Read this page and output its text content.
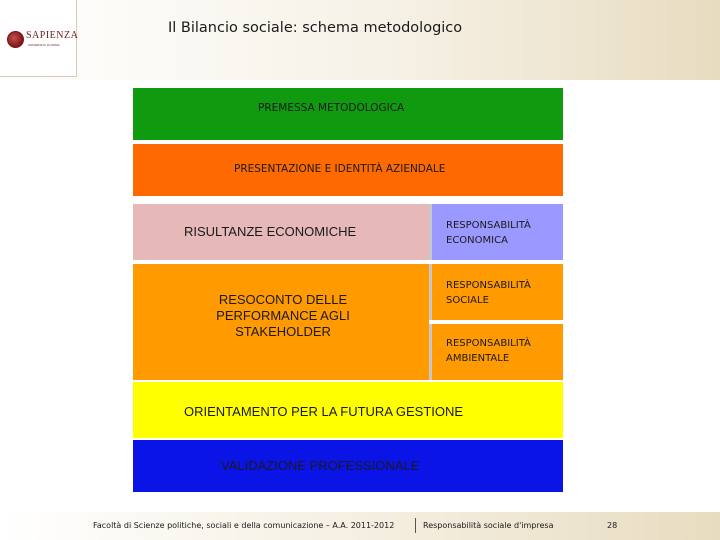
SAPIENZA
UNIVERSITÀ DI ROMA
Il Bilancio sociale: schema metodologico
PREMESSA METODOLOGICA
PRESENTAZIONE E IDENTITÀ AZIENDALE
RISULTANZE ECONOMICHE
RESOCONTO DELLE
PERFORMANCE AGLI
STAKEHOLDER
RESPONSABILITÀ
ECONOMICA
RESPONSABILITÀ
SOCIALE
RESPONSABILITÀ
AMBIENTALE
ORIENTAMENTO PER LA FUTURA GESTIONE
VALIDAZIONE PROFESSIONALE
Facoltà di Scienze politiche, sociali e della comunicazione – A.A. 2011-2012	Responsabilità sociale d'impresa	28
